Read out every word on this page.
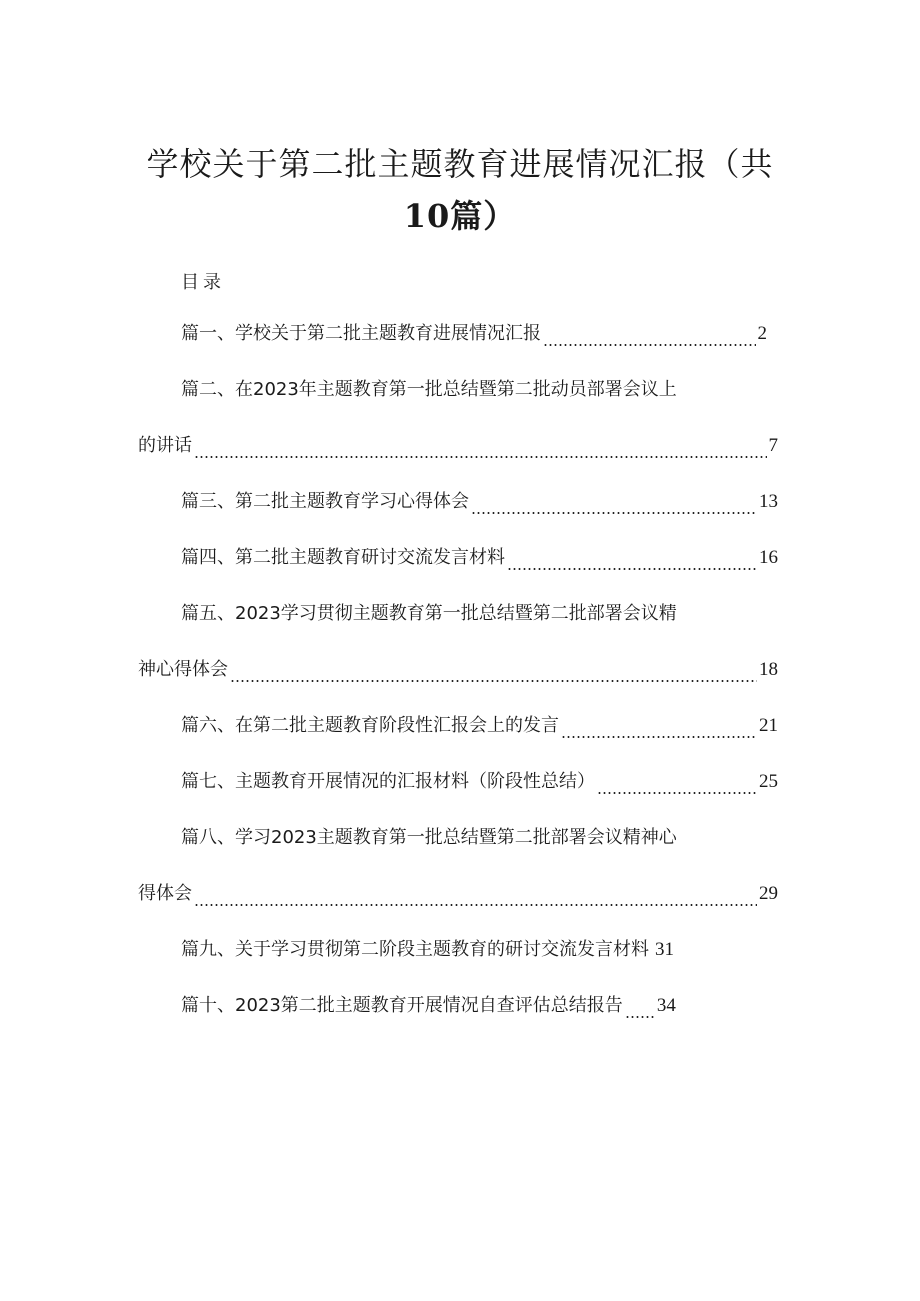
学校关于第二批主题教育进展情况汇报（共
10篇）
目录
篇一、学校关于第二批主题教育进展情况汇报	2
篇二、在2023年主题教育第一批总结暨第二批动员部署会议上
的讲话	7
篇三、第二批主题教育学习心得体会	13
篇四、第二批主题教育研讨交流发言材料	16
篇五、2023学习贯彻主题教育第一批总结暨第二批部署会议精
神心得体会	18
篇六、在第二批主题教育阶段性汇报会上的发言	21
篇七、主题教育开展情况的汇报材料（阶段性总结）	25
篇八、学习2023主题教育第一批总结暨第二批部署会议精神心
得体会	29
篇九、关于学习贯彻第二阶段主题教育的研讨交流发言材料 31
篇十、2023第二批主题教育开展情况自查评估总结报告 34
